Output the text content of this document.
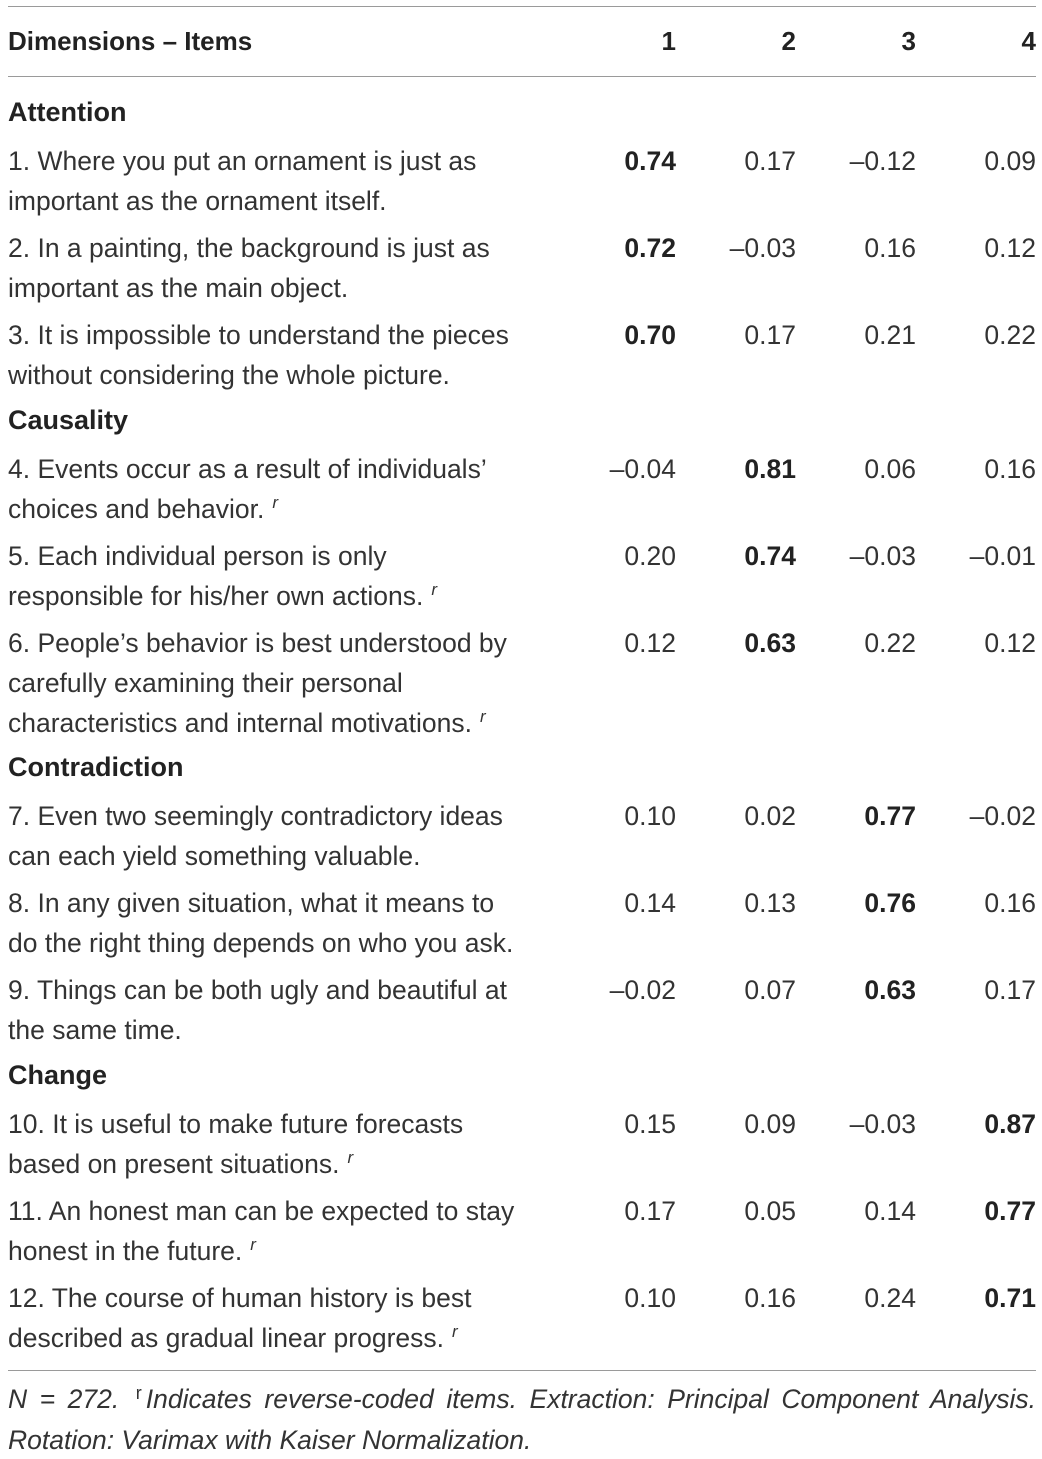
Dimensions – Items	1	2	3	4
Attention
1. Where you put an ornament is just as
important as the ornament itself.
0.74	0.17	–0.12	0.09
2. In a painting, the background is just as
important as the main object.
0.72	–0.03	0.16	0.12
3. It is impossible to understand the pieces
without considering the whole picture.
0.70	0.17	0.21	0.22
Causality
4. Events occur as a result of individuals’
choices and behavior. $^r$
–0.04	0.81	0.06	0.16
5. Each individual person is only
responsible for his/her own actions. $^r$
0.20	0.74	–0.03	–0.01
6. People’s behavior is best understood by
carefully examining their personal
characteristics and internal motivations. $^r$
0.12	0.63	0.22	0.12
Contradiction
7. Even two seemingly contradictory ideas
can each yield something valuable.
0.10	0.02	0.77	–0.02
8. In any given situation, what it means to
do the right thing depends on who you ask.
0.14	0.13	0.76	0.16
9. Things can be both ugly and beautiful at
the same time.
–0.02	0.07	0.63	0.17
Change
10. It is useful to make future forecasts
based on present situations. $^r$
0.15	0.09	–0.03	0.87
11. An honest man can be expected to stay
honest in the future. $^r$
0.17	0.05	0.14	0.77
12. The course of human history is best
described as gradual linear progress. $^r$
0.10	0.16	0.24	0.71
N = 272. $^r$ Indicates reverse-coded items. Extraction: Principal Component Analysis. Rotation: Varimax with Kaiser Normalization.
